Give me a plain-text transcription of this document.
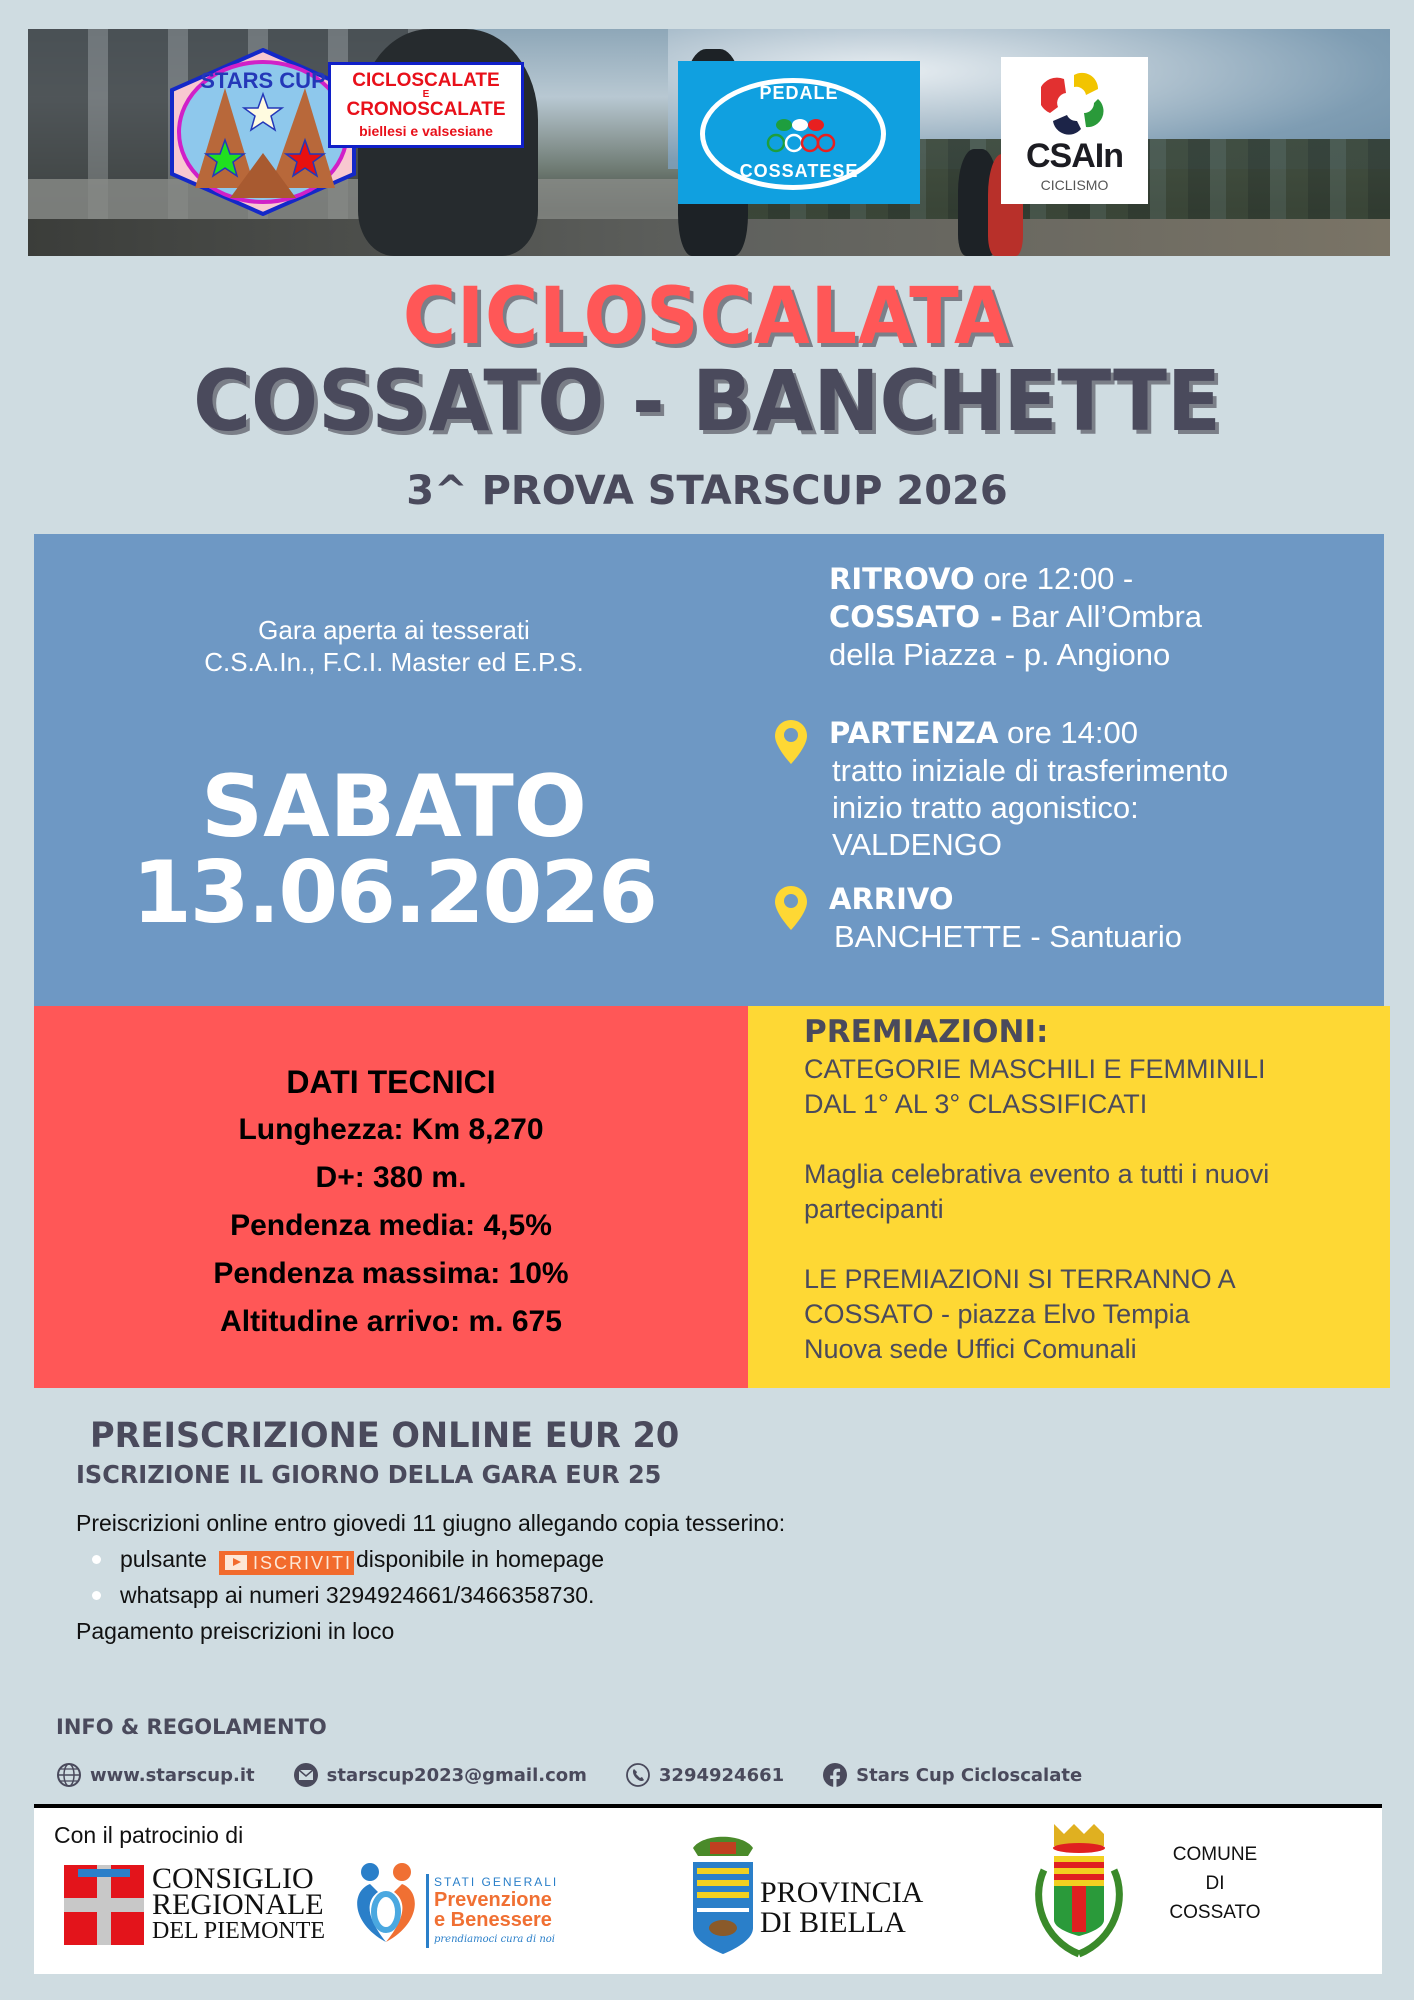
STARS CUP	CICLOSCALATE
E
CRONOSCALATE
biellesi e valsesiane
PEDALE
COSSATESE	CSAIn
CICLISMO
CICLOSCALATA
COSSATO - BANCHETTE
3^ PROVA STARSCUP 2026
Gara aperta ai tesserati
C.S.A.In., F.C.I. Master ed E.P.S.
SABATO
13.06.2026
RITROVO ore 12:00 -
COSSATO - Bar All’Ombra
della Piazza - p. Angiono
PARTENZA ore 14:00
tratto iniziale di trasferimento
inizio tratto agonistico:
VALDENGO
ARRIVO
BANCHETTE - Santuario
DATI TECNICI
Lunghezza: Km 8,270
D+: 380 m.
Pendenza media: 4,5%
Pendenza massima: 10%
Altitudine arrivo: m. 675
PREMIAZIONI:
CATEGORIE MASCHILI E FEMMINILI
DAL 1° AL 3° CLASSIFICATI
Maglia celebrativa evento a tutti i nuovi
partecipanti
LE PREMIAZIONI SI TERRANNO A
COSSATO - piazza Elvo Tempia
Nuova sede Uffici Comunali
PREISCRIZIONE ONLINE EUR 20
ISCRIZIONE IL GIORNO DELLA GARA EUR 25
Preiscrizioni online entro giovedi 11 giugno allegando copia tesserino:
pulsante	ISCRIVITI disponibile in homepage
whatsapp ai numeri 3294924661/3466358730.
Pagamento preiscrizioni in loco
INFO & REGOLAMENTO
www.starscup.it	starscup2023@gmail.com	3294924661	Stars Cup Cicloscalate
Con il patrocinio di
CONSIGLIO
REGIONALE
DEL PIEMONTE
STATI GENERALI
Prevenzione
e Benessere
prendiamoci cura di noi
PROVINCIA
DI BIELLA
COMUNE
DI
COSSATO
